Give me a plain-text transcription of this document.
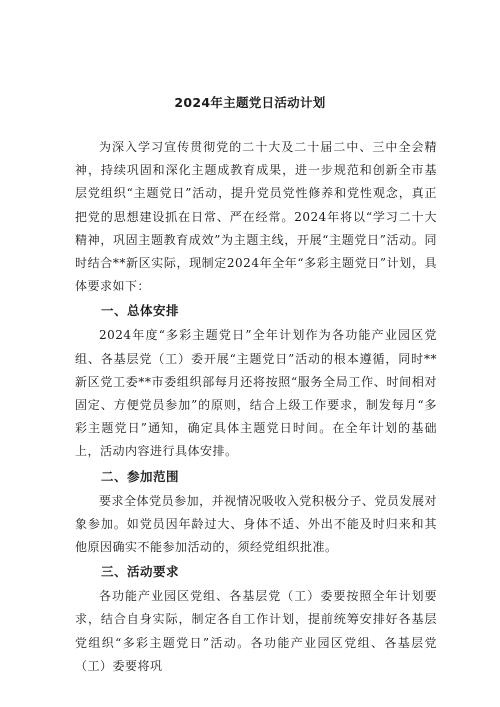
2024年主题党日活动计划

为深入学习宣传贯彻党的二十大及二十届二中、三中全会精神，持续巩固和深化主题成教育成果，进一步规范和创新全市基层党组织“主题党日”活动，提升党员党性修养和党性观念，真正把党的思想建设抓在日常、严在经常。2024年将以“学习二十大精神，巩固主题教育成效”为主题主线，开展“主题党日”活动。同时结合**新区实际，现制定2024年全年“多彩主题党日”计划，具体要求如下：

一、总体安排

2024年度“多彩主题党日”全年计划作为各功能产业园区党组、各基层党（工）委开展“主题党日”活动的根本遵循，同时**新区党工委**市委组织部每月还将按照“服务全局工作、时间相对固定、方便党员参加”的原则，结合上级工作要求，制发每月“多彩主题党日”通知，确定具体主题党日时间。在全年计划的基础上，活动内容进行具体安排。

二、参加范围

要求全体党员参加，并视情况吸收入党积极分子、党员发展对象参加。如党员因年龄过大、身体不适、外出不能及时归来和其他原因确实不能参加活动的，须经党组织批准。

三、活动要求

各功能产业园区党组、各基层党（工）委要按照全年计划要求，结合自身实际，制定各自工作计划，提前统筹安排好各基层党组织“多彩主题党日”活动。各功能产业园区党组、各基层党（工）委要将巩
